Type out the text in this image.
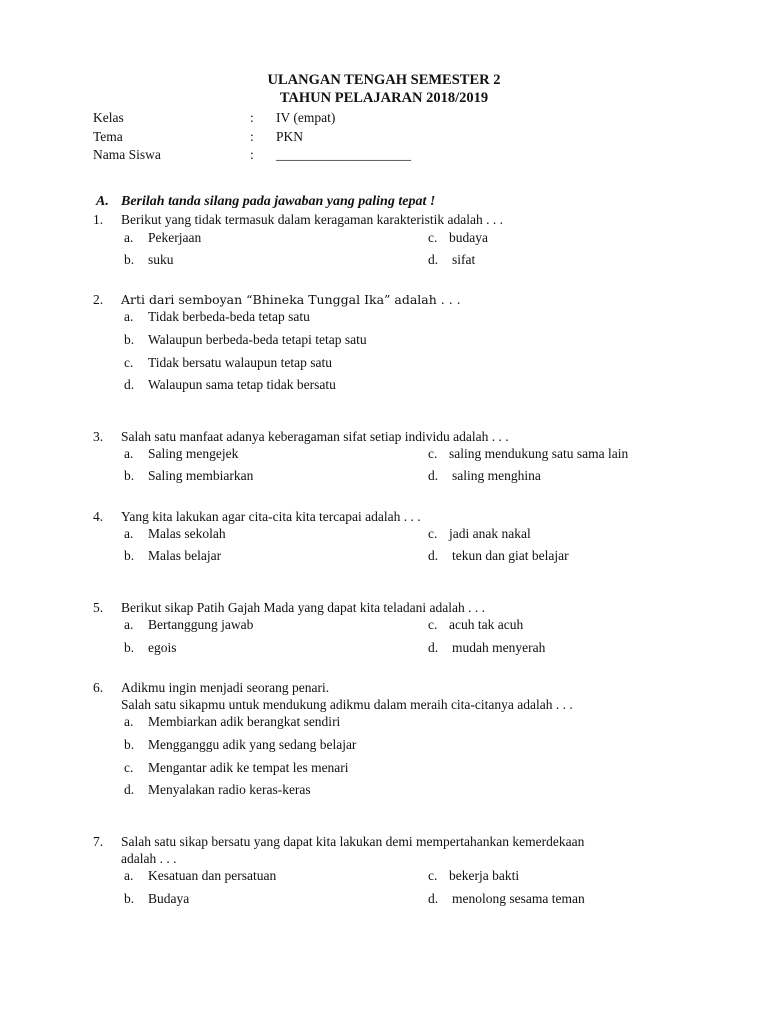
ULANGAN TENGAH SEMESTER 2
TAHUN PELAJARAN 2018/2019
Kelas	: IV (empat)
Tema	: PKN
Nama Siswa	: ____________________
A. Berilah tanda silang pada jawaban yang paling tepat !
1. Berikut yang tidak termasuk dalam keragaman karakteristik adalah . . .
a. Pekerjaan	c. budaya
b. suku	d. sifat
2. Arti dari semboyan “Bhineka Tunggal Ika” adalah . . .
a. Tidak berbeda-beda tetap satu
b. Walaupun berbeda-beda tetapi tetap satu
c. Tidak bersatu walaupun tetap satu
d. Walaupun sama tetap tidak bersatu
3. Salah satu manfaat adanya keberagaman sifat setiap individu adalah . . .
a. Saling mengejek	c. saling mendukung satu sama lain
b. Saling membiarkan	d. saling menghina
4. Yang kita lakukan agar cita-cita kita tercapai adalah . . .
a. Malas sekolah	c. jadi anak nakal
b. Malas belajar	d. tekun dan giat belajar
5. Berikut sikap Patih Gajah Mada yang dapat kita teladani adalah . . .
a. Bertanggung jawab	c. acuh tak acuh
b. egois	d. mudah menyerah
6. Adikmu ingin menjadi seorang penari.
Salah satu sikapmu untuk mendukung adikmu dalam meraih cita-citanya adalah . . .
a. Membiarkan adik berangkat sendiri
b. Mengganggu adik yang sedang belajar
c. Mengantar adik ke tempat les menari
d. Menyalakan radio keras-keras
7. Salah satu sikap bersatu yang dapat kita lakukan demi mempertahankan kemerdekaan
adalah . . .
a. Kesatuan dan persatuan	c. bekerja bakti
b. Budaya	d. menolong sesama teman
